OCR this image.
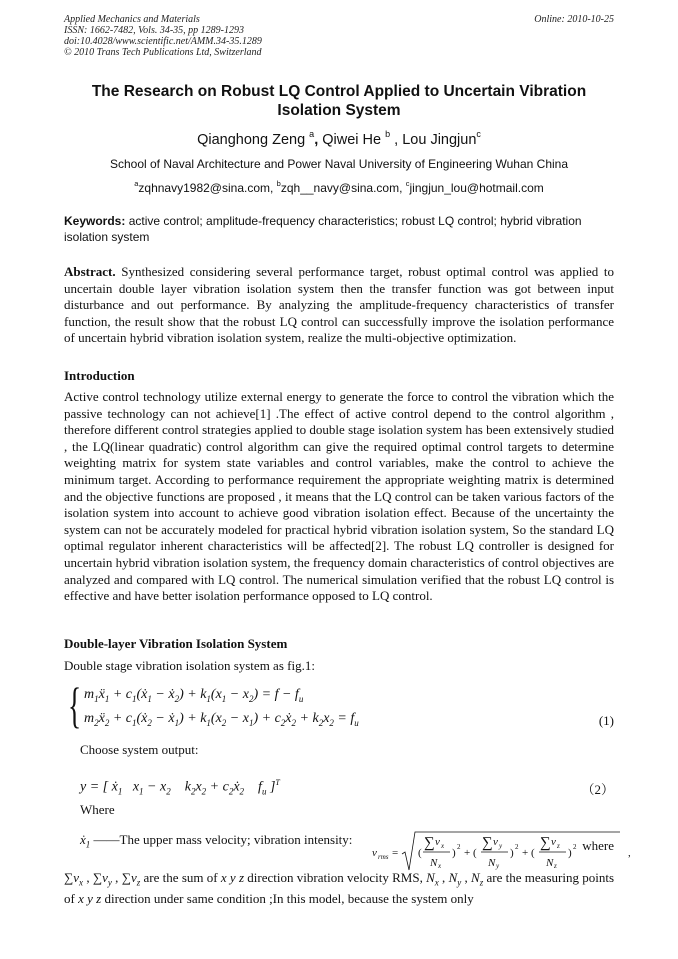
Applied Mechanics and Materials
ISSN: 1662-7482, Vols. 34-35, pp 1289-1293
doi:10.4028/www.scientific.net/AMM.34-35.1289
© 2010 Trans Tech Publications Ltd, Switzerland
Online: 2010-10-25
The Research on Robust LQ Control Applied to Uncertain Vibration Isolation System
Qianghong Zeng $^a$, Qiwei He $^b$ , Lou Jingjun$^c$
School of Naval Architecture and Power Naval University of Engineering Wuhan China
$^a$zqhnavy1982@sina.com, $^b$zqh__navy@sina.com, $^c$jingjun_lou@hotmail.com
Keywords: active control; amplitude-frequency characteristics; robust LQ control; hybrid vibration isolation system
Abstract. Synthesized considering several performance target, robust optimal control was applied to uncertain double layer vibration isolation system then the transfer function was got between input disturbance and out performance. By analyzing the amplitude-frequency characteristics of transfer function, the result show that the robust LQ control can successfully improve the isolation performance of uncertain hybrid vibration isolation system, realize the multi-objective optimization.
Introduction
Active control technology utilize external energy to generate the force to control the vibration which the passive technology can not achieve[1] .The effect of active control depend to the control algorithm , therefore different control strategies applied to double stage isolation system has been extensively studied , the LQ(linear quadratic) control algorithm can give the required optimal control targets to determine weighting matrix for system state variables and control variables, make the control to achieve the minimum target. According to performance requirement the appropriate weighting matrix is determined and the objective functions are proposed , it means that the LQ control can be taken various factors of the isolation system into account to achieve good vibration isolation effect. Because of the uncertainty the system can not be accurately modeled for practical hybrid vibration isolation system, So the standard LQ optimal regulator inherent characteristics will be affected[2]. The robust LQ controller is designed for uncertain hybrid vibration isolation system, the frequency domain characteristics of control objectives are analyzed and compared with LQ control. The numerical simulation verified that the robust LQ control is effective and have better isolation performance opposed to LQ control.
Double-layer Vibration Isolation System
Double stage vibration isolation system as fig.1:
{ $m_1ẍ_1$ + $c_1(ẋ_1$ − ẋ$_2$) + $k_1(x_1 - x_2) = f - f_u$
$m_2ẍ_2$ + $c_1(ẋ_2$ − ẋ$_1$) + $k_1(x_2 - x_1)$ + $c_2ẋ_2 + k_2x_2 = f_u$	(1)
Choose system output:
y = [ ẋ$_1$   $x_1 - x_2$    $k_2x_2$ + $c_2ẋ_2$    $f_u$ ]$^T$	（2）
Where
ẋ$_1$ ——The upper mass velocity; vibration intensity:
v rms = (
∑ v x
N x
) 2 + (
∑ v y
N y
) 2 + (
∑ v z
N z
) 2	,
where
$\sum v_x$ , $\sum v_y$ , $\sum v_z$ are the sum of x y z direction vibration velocity RMS, $N_x$ , $N_y$ , $N_z$ are the measuring points of x y z direction under same condition ;In this model, because the system only
